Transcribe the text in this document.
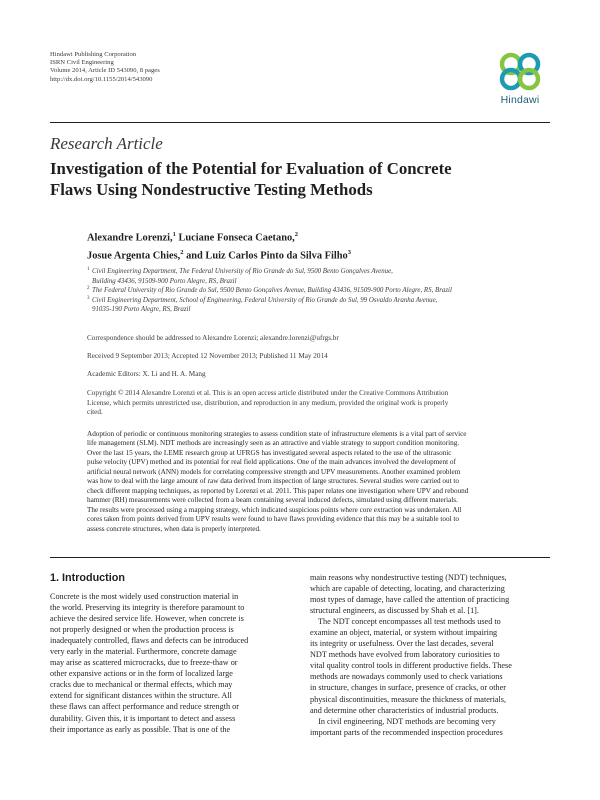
Hindawi Publishing Corporation
ISRN Civil Engineering
Volume 2014, Article ID 543090, 8 pages
http://dx.doi.org/10.1155/2014/543090
Hindawi
Research Article
Investigation of the Potential for Evaluation of Concrete
Flaws Using Nondestructive Testing Methods
Alexandre Lorenzi,$^1$ Luciane Fonseca Caetano,$^2$
Josue Argenta Chies,$^2$ and Luiz Carlos Pinto da Silva Filho$^3$
1 Civil Engineering Department, The Federal University of Rio Grande do Sul, 9500 Bento Gonçalves Avenue,
Building 43436, 91509-900 Porto Alegre, RS, Brazil
2 The Federal University of Rio Grande do Sul, 9500 Bento Gonçalves Avenue, Building 43436, 91509-900 Porto Alegre, RS, Brazil
3 Civil Engineering Department, School of Engineering, Federal University of Rio Grande do Sul, 99 Osvaldo Aranha Avenue,
91035-190 Porto Alegre, RS, Brazil
Correspondence should be addressed to Alexandre Lorenzi; alexandre.lorenzi@ufrgs.br
Received 9 September 2013; Accepted 12 November 2013; Published 11 May 2014
Academic Editors: X. Li and H. A. Mang
Copyright © 2014 Alexandre Lorenzi et al. This is an open access article distributed under the Creative Commons Attribution
License, which permits unrestricted use, distribution, and reproduction in any medium, provided the original work is properly
cited.
Adoption of periodic or continuous monitoring strategies to assess condition state of infrastructure elements is a vital part of service
life management (SLM). NDT methods are increasingly seen as an attractive and viable strategy to support condition monitoring.
Over the last 15 years, the LEME research group at UFRGS has investigated several aspects related to the use of the ultrasonic
pulse velocity (UPV) method and its potential for real field applications. One of the main advances involved the development of
artificial neural network (ANN) models for correlating compressive strength and UPV measurements. Another examined problem
was how to deal with the large amount of raw data derived from inspection of large structures. Several studies were carried out to
check different mapping techniques, as reported by Lorenzi et al. 2011. This paper relates one investigation where UPV and rebound
hammer (RH) measurements were collected from a beam containing several induced defects, simulated using different materials.
The results were processed using a mapping strategy, which indicated suspicious points where core extraction was undertaken. All
cores taken from points derived from UPV results were found to have flaws providing evidence that this may be a suitable tool to
assess concrete structures, when data is properly interpreted.
1. Introduction
Concrete is the most widely used construction material in
the world. Preserving its integrity is therefore paramount to
achieve the desired service life. However, when concrete is
not properly designed or when the production process is
inadequately controlled, flaws and defects can be introduced
very early in the material. Furthermore, concrete damage
may arise as scattered microcracks, due to freeze-thaw or
other expansive actions or in the form of localized large
cracks due to mechanical or thermal effects, which may
extend for significant distances within the structure. All
these flaws can affect performance and reduce strength or
durability. Given this, it is important to detect and assess
their importance as early as possible. That is one of the
main reasons why nondestructive testing (NDT) techniques,
which are capable of detecting, locating, and characterizing
most types of damage, have called the attention of practicing
structural engineers, as discussed by Shah et al. [1].
The NDT concept encompasses all test methods used to
examine an object, material, or system without impairing
its integrity or usefulness. Over the last decades, several
NDT methods have evolved from laboratory curiosities to
vital quality control tools in different productive fields. These
methods are nowadays commonly used to check variations
in structure, changes in surface, presence of cracks, or other
physical discontinuities, measure the thickness of materials,
and determine other characteristics of industrial products.
In civil engineering, NDT methods are becoming very
important parts of the recommended inspection procedures
